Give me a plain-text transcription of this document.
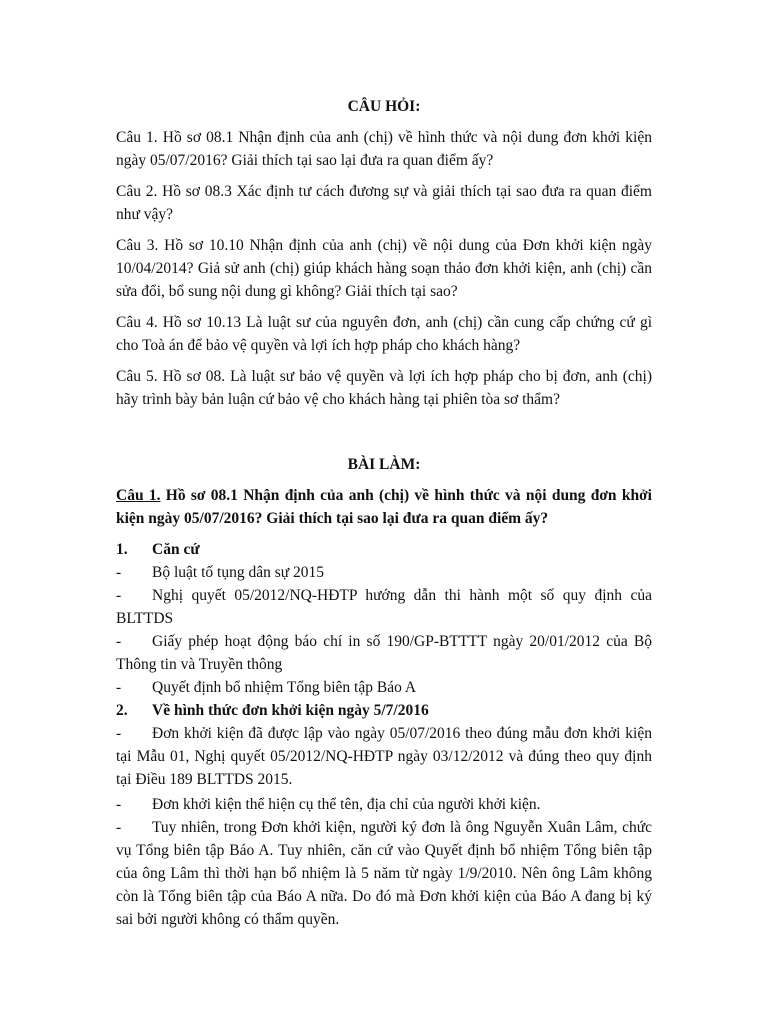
CÂU HỎI:

Câu 1. Hồ sơ 08.1 Nhận định của anh (chị) về hình thức và nội dung đơn khởi kiện ngày 05/07/2016? Giải thích tại sao lại đưa ra quan điểm ấy?

Câu 2. Hồ sơ 08.3 Xác định tư cách đương sự và giải thích tại sao đưa ra quan điểm như vậy?

Câu 3. Hồ sơ 10.10 Nhận định của anh (chị) về nội dung của Đơn khởi kiện ngày 10/04/2014? Giả sử anh (chị) giúp khách hàng soạn thảo đơn khởi kiện, anh (chị) cần sửa đổi, bổ sung nội dung gì không? Giải thích tại sao?

Câu 4. Hồ sơ 10.13 Là luật sư của nguyên đơn, anh (chị) cần cung cấp chứng cứ gì cho Toà án để bảo vệ quyền và lợi ích hợp pháp cho khách hàng?

Câu 5. Hồ sơ 08. Là luật sư bảo vệ quyền và lợi ích hợp pháp cho bị đơn, anh (chị) hãy trình bày bản luận cứ bảo vệ cho khách hàng tại phiên tòa sơ thẩm?

BÀI LÀM:

Câu 1. Hồ sơ 08.1 Nhận định của anh (chị) về hình thức và nội dung đơn khởi kiện ngày 05/07/2016? Giải thích tại sao lại đưa ra quan điểm ấy?

1. Căn cứ

- Bộ luật tố tụng dân sự 2015

- Nghị quyết 05/2012/NQ-HĐTP hướng dẫn thi hành một số quy định của BLTTDS

- Giấy phép hoạt động báo chí in số 190/GP-BTTTT ngày 20/01/2012 của Bộ Thông tin và Truyền thông

- Quyết định bổ nhiệm Tổng biên tập Báo A

2. Về hình thức đơn khởi kiện ngày 5/7/2016

- Đơn khởi kiện đã được lập vào ngày 05/07/2016 theo đúng mẫu đơn khởi kiện tại Mẫu 01, Nghị quyết 05/2012/NQ-HĐTP ngày 03/12/2012 và đúng theo quy định tại Điều 189 BLTTDS 2015.

- Đơn khởi kiện thể hiện cụ thể tên, địa chỉ của người khởi kiện.

- Tuy nhiên, trong Đơn khởi kiện, người ký đơn là ông Nguyễn Xuân Lâm, chức vụ Tổng biên tập Báo A. Tuy nhiên, căn cứ vào Quyết định bổ nhiệm Tổng biên tập của ông Lâm thì thời hạn bổ nhiệm là 5 năm từ ngày 1/9/2010. Nên ông Lâm không còn là Tổng biên tập của Báo A nữa. Do đó mà Đơn khởi kiện của Báo A đang bị ký sai bởi người không có thẩm quyền.
